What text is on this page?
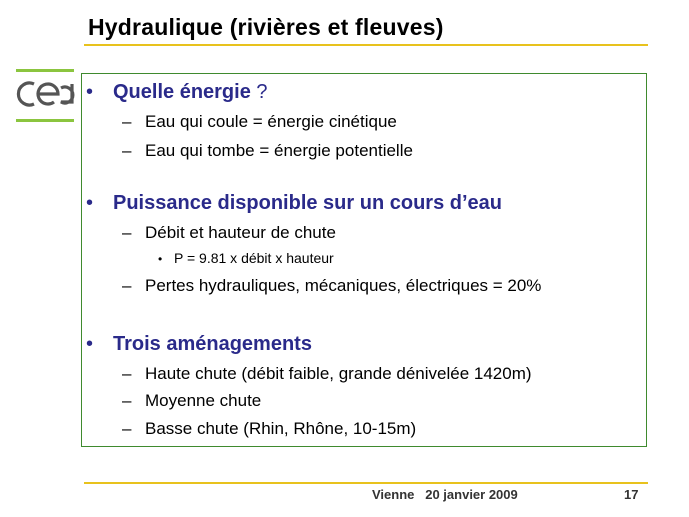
Hydraulique (rivières et fleuves)
• Quelle énergie ?
– Eau qui coule = énergie cinétique
– Eau qui tombe = énergie potentielle
• Puissance disponible sur un cours d’eau
– Débit et hauteur de chute
• P = 9.81 x débit x hauteur
– Pertes hydrauliques, mécaniques, électriques = 20%
• Trois aménagements
– Haute chute (débit faible, grande dénivelée 1420m)
– Moyenne chute
– Basse chute (Rhin, Rhône, 10-15m)
Vienne 20 janvier 2009	17
